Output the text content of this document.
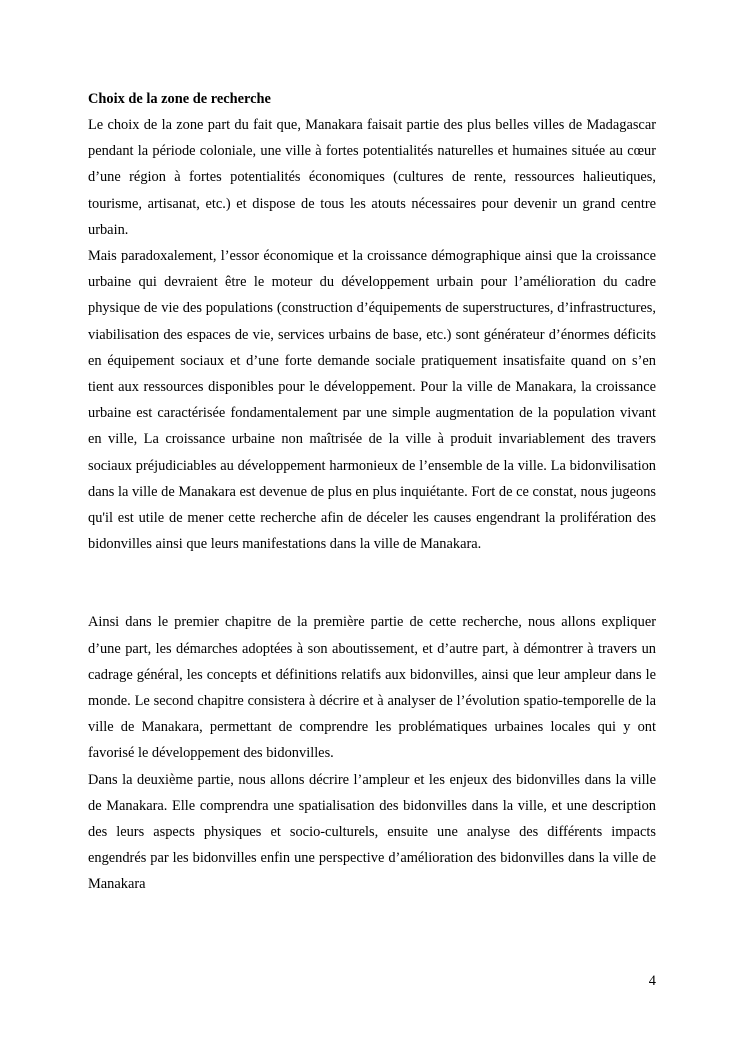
Choix de la zone de recherche

Le choix de la zone part du fait que, Manakara faisait partie des plus belles villes de Madagascar pendant la période coloniale, une ville à fortes potentialités naturelles et humaines située au cœur d’une région à fortes potentialités économiques (cultures de rente, ressources halieutiques, tourisme, artisanat, etc.) et dispose de tous les atouts nécessaires pour devenir un grand centre urbain.

Mais paradoxalement, l’essor économique et la croissance démographique ainsi que la croissance urbaine qui devraient être le moteur du développement urbain pour l’amélioration du cadre physique de vie des populations (construction d’équipements de superstructures, d’infrastructures, viabilisation des espaces de vie, services urbains de base, etc.) sont générateur d’énormes déficits en équipement sociaux et d’une forte demande sociale pratiquement insatisfaite quand on s’en tient aux ressources disponibles pour le développement. Pour la ville de Manakara, la croissance urbaine est caractérisée fondamentalement par une simple augmentation de la population vivant en ville, La croissance urbaine non maîtrisée de la ville à produit invariablement des travers sociaux préjudiciables au développement harmonieux de l’ensemble de la ville. La bidonvilisation dans la ville de Manakara est devenue de plus en plus inquiétante. Fort de ce constat, nous jugeons qu'il est utile de mener cette recherche afin de déceler les causes engendrant la prolifération des bidonvilles ainsi que leurs manifestations dans la ville de Manakara.

Ainsi dans le premier chapitre de la première partie de cette recherche, nous allons expliquer d’une part, les démarches adoptées à son aboutissement, et d’autre part, à démontrer à travers un cadrage général, les concepts et définitions relatifs aux bidonvilles, ainsi que leur ampleur dans le monde. Le second chapitre consistera à décrire et à analyser de l’évolution spatio-temporelle de la ville de Manakara, permettant de comprendre les problématiques urbaines locales qui y ont favorisé le développement des bidonvilles.

Dans la deuxième partie, nous allons décrire l’ampleur et les enjeux des bidonvilles dans la ville de Manakara. Elle comprendra une spatialisation des bidonvilles dans la ville, et une description des leurs aspects physiques et socio-culturels, ensuite une analyse des différents impacts engendrés par les bidonvilles enfin une perspective d’amélioration des bidonvilles dans la ville de Manakara

4
